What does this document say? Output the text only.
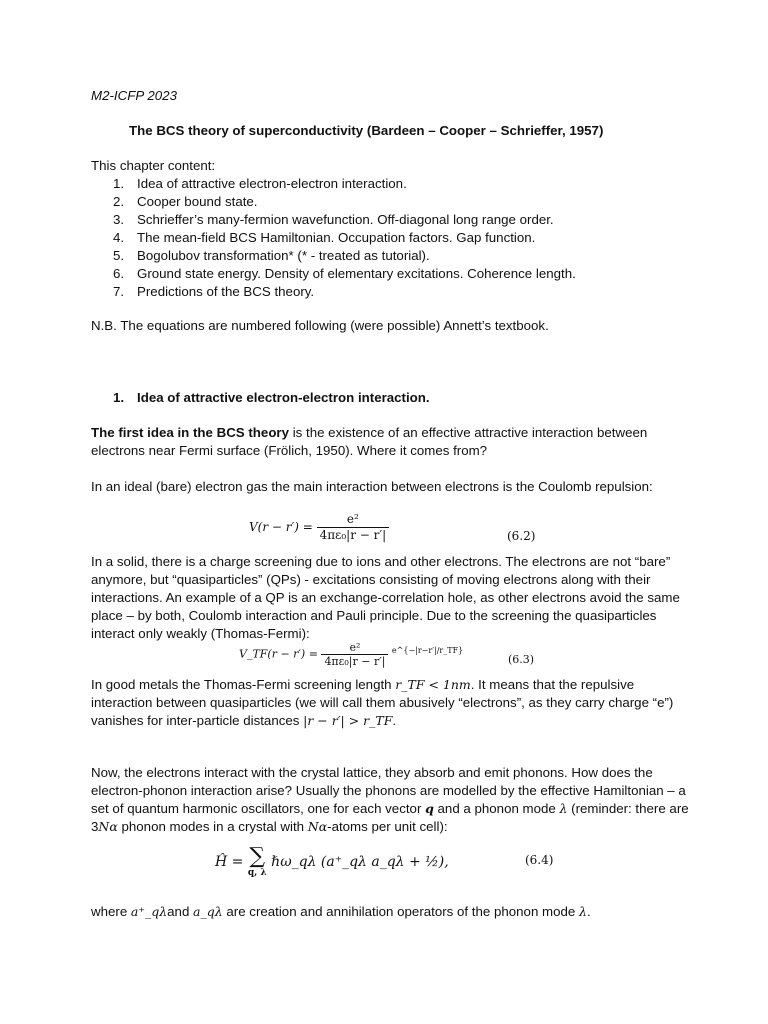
M2-ICFP 2023
The BCS theory of superconductivity (Bardeen – Cooper – Schrieffer, 1957)
This chapter content:
1. Idea of attractive electron-electron interaction.
2. Cooper bound state.
3. Schrieffer’s many-fermion wavefunction. Off-diagonal long range order.
4. The mean-field BCS Hamiltonian. Occupation factors. Gap function.
5. Bogolubov transformation* (* - treated as tutorial).
6. Ground state energy. Density of elementary excitations. Coherence length.
7. Predictions of the BCS theory.
N.B. The equations are numbered following (were possible) Annett’s textbook.
1. Idea of attractive electron-electron interaction.
The first idea in the BCS theory is the existence of an effective attractive interaction between electrons near Fermi surface (Frölich, 1950). Where it comes from?
In an ideal (bare) electron gas the main interaction between electrons is the Coulomb repulsion:
$V(r - r') = \frac{\text{e²}}{\text{4πε₀|r − r′|}}$	(6.2)
In a solid, there is a charge screening due to ions and other electrons. The electrons are not “bare” anymore, but “quasiparticles” (QPs) - excitations consisting of moving electrons along with their interactions. An example of a QP is an exchange-correlation hole, as other electrons avoid the same place – by both, Coulomb interaction and Pauli principle. Due to the screening the quasiparticles interact only weakly (Thomas-Fermi):
V_TF(r − $r') = \frac{\text{e²}}{\text{4πε₀|r − r′|}} ^{e\^{}\{-|r-r'|/r\_TF\}}$
(6.3)
In good metals the Thomas-Fermi screening length r_TF < 1nm. It means that the repulsive interaction between quasiparticles (we will call them abusively “electrons”, as they carry charge “e”) vanishes for inter-particle distances |r − r′| > r_TF.
Now, the electrons interact with the crystal lattice, they absorb and emit phonons. How does the electron-phonon interaction arise? Usually the phonons are modelled by the effective Hamiltonian – a set of quantum harmonic oscillators, one for each vector q and a phonon mode λ (reminder: there are 3Nα phonon modes in a crystal with Nα-atoms per unit cell):
Ĥ = ∑
q, λ
ℏω_qλ (a⁺_qλ a_qλ + ½),	(6.4)
where a⁺_qλand a_qλ are creation and annihilation operators of the phonon mode λ.
